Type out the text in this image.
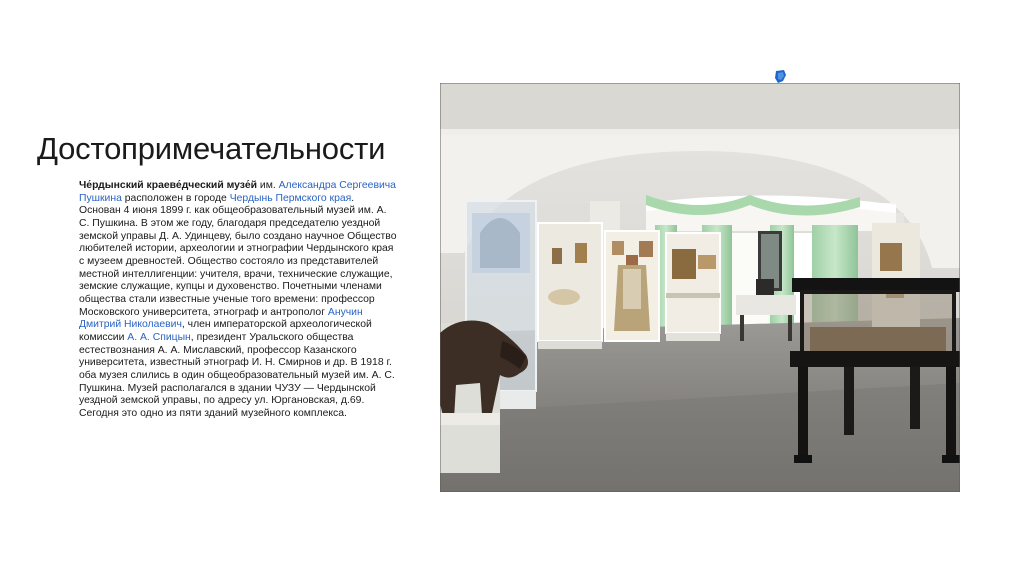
Достопримечательности
Че́рдынский краеве́дческий музе́й им. Александра Сергеевича Пушкина расположен в городе Чердынь Пермского края. Основан 4 июня 1899 г. как общеобразовательный музей им. А. С. Пушкина. В этом же году, благодаря председателю уездной земской управы Д. А. Удинцеву, было создано научное Общество любителей истории, археологии и этнографии Чердынского края с музеем древностей. Общество состояло из представителей местной интеллигенции: учителя, врачи, технические служащие, земские служащие, купцы и духовенство. Почетными членами общества стали известные ученые того времени: профессор Московского университета, этнограф и антрополог Анучин Дмитрий Николаевич, член императорской археологической комиссии А. А. Спицын, президент Уральского общества естествознания А. А. Миславский, профессор Казанского университета, известный этнограф И. Н. Смирнов и др. В 1918 г. оба музея слились в один общеобразовательный музей им. А. С. Пушкина. Музей располагался в здании ЧУЗУ — Чердынской уездной земской управы, по адресу ул. Юргановская, д.69. Сегодня это одно из пяти зданий музейного комплекса.
